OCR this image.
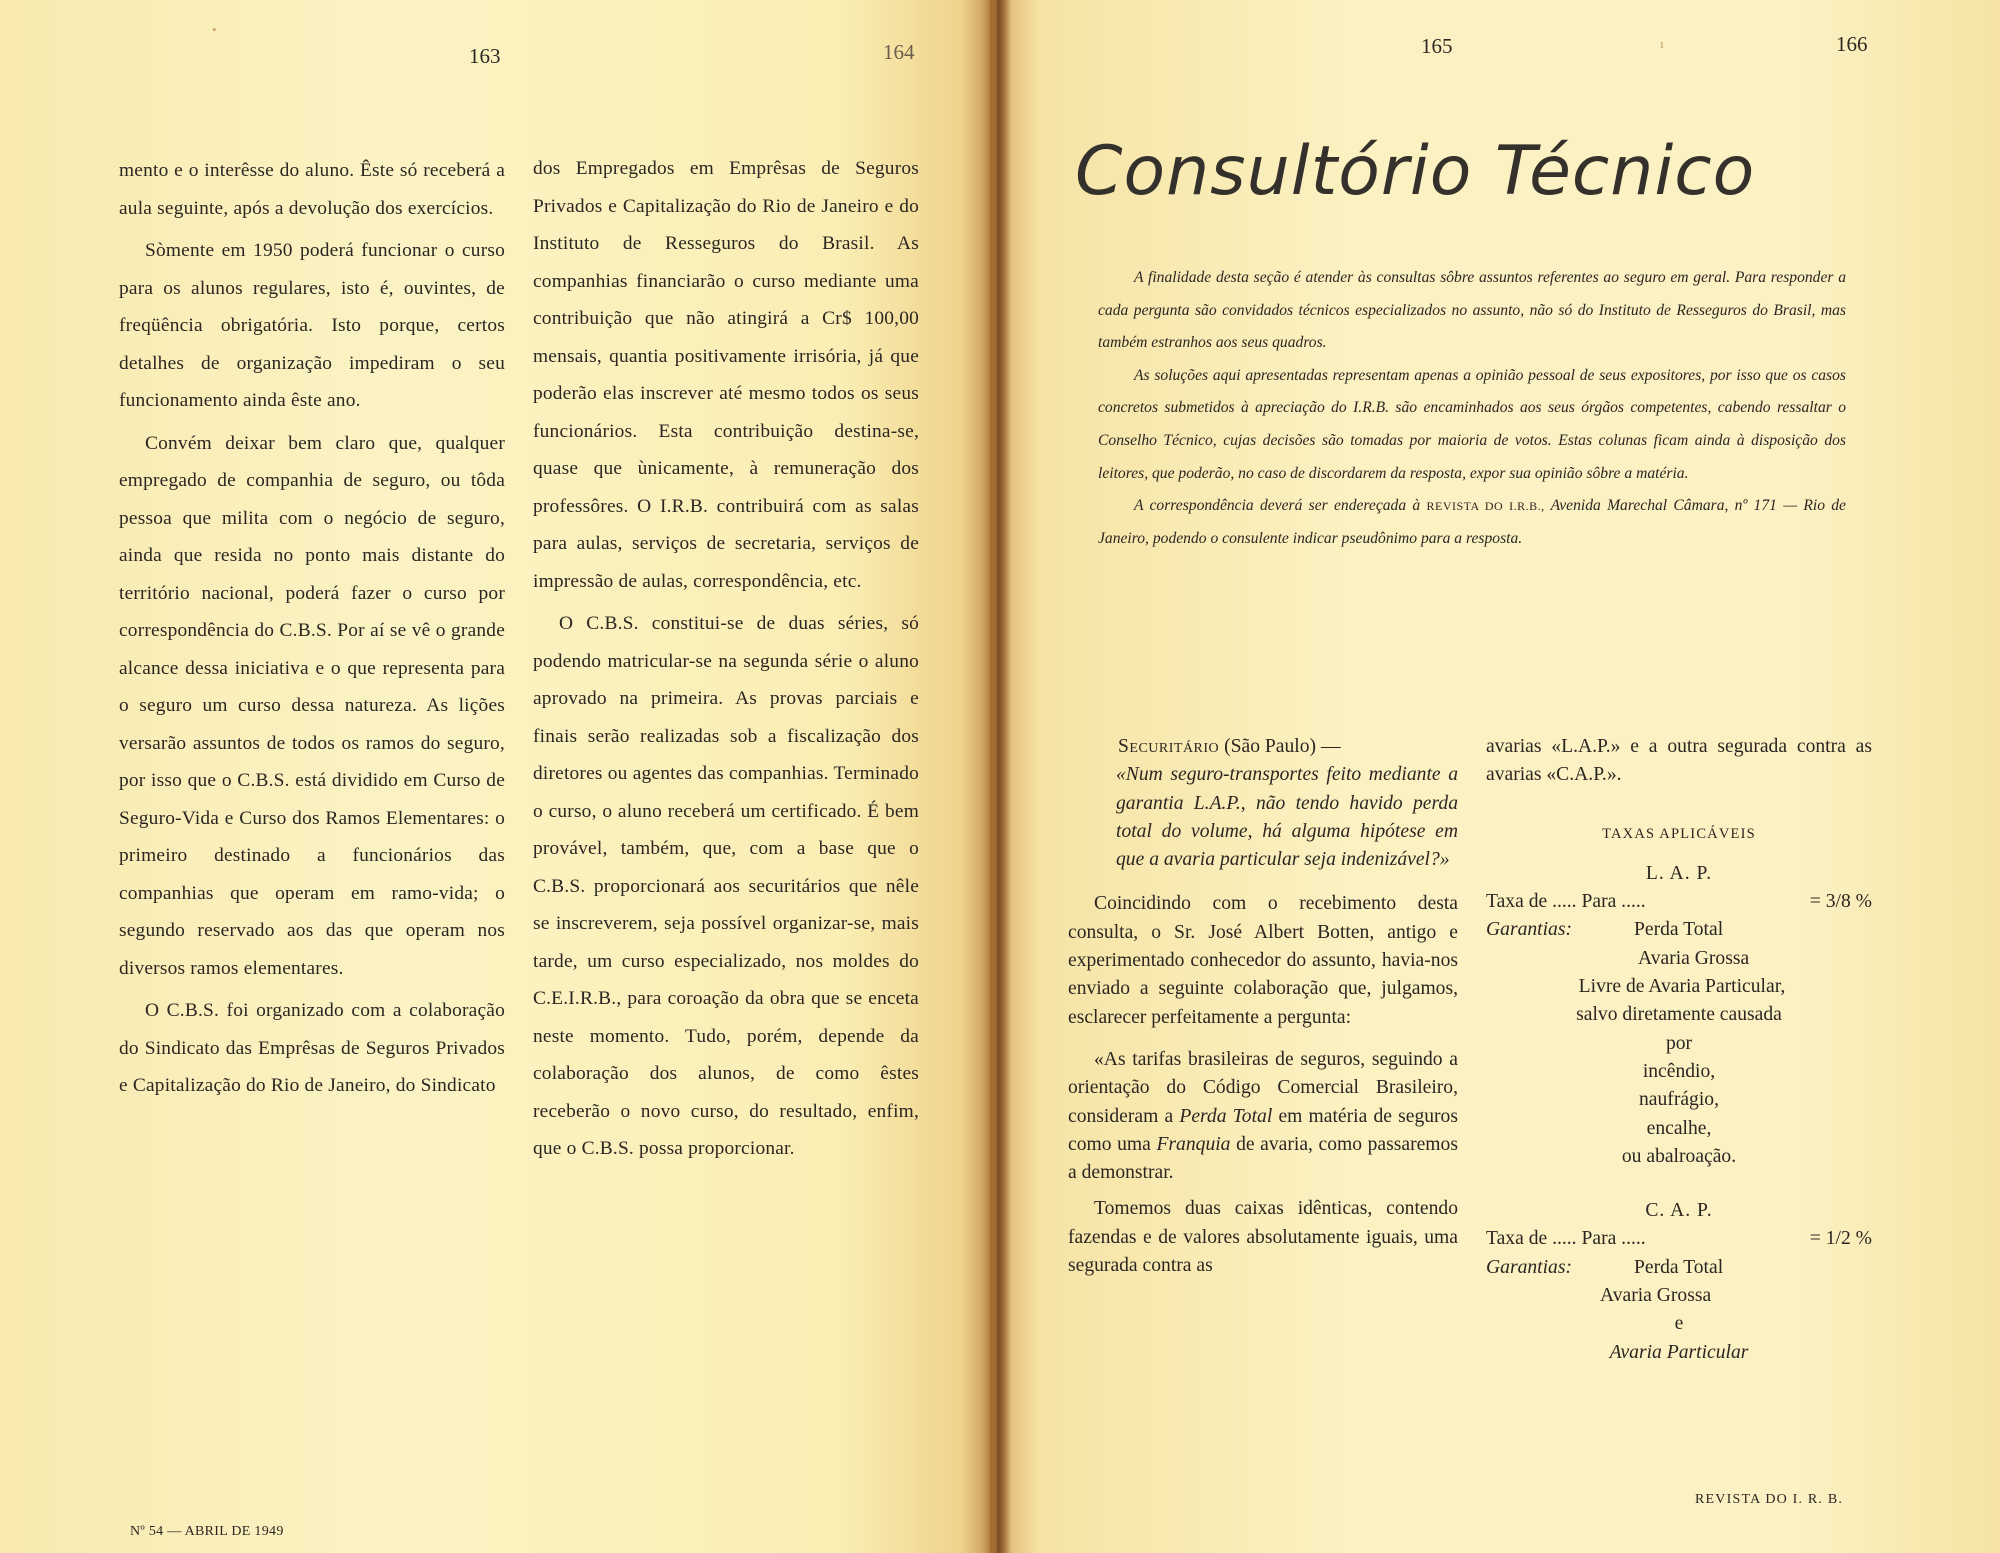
163	164	165	166
•
ı

mento e o interêsse do aluno. Êste só receberá a aula seguinte, após a devolução dos exercícios.

Sòmente em 1950 poderá funcionar o curso para os alunos regulares, isto é, ouvintes, de freqüência obrigatória. Isto porque, certos detalhes de organização impediram o seu funcionamento ainda êste ano.

Convém deixar bem claro que, qualquer empregado de companhia de seguro, ou tôda pessoa que milita com o negócio de seguro, ainda que resida no ponto mais distante do território nacional, poderá fazer o curso por correspondência do C.B.S. Por aí se vê o grande alcance dessa iniciativa e o que representa para o seguro um curso dessa natureza. As lições versarão assuntos de todos os ramos do seguro, por isso que o C.B.S. está dividido em Curso de Seguro-Vida e Curso dos Ramos Elementares: o primeiro destinado a funcionários das companhias que operam em ramo-vida; o segundo reservado aos das que operam nos diversos ramos elementares.

O C.B.S. foi organizado com a colaboração do Sindicato das Emprêsas de Seguros Privados e Capitalização do Rio de Janeiro, do Sindicato

dos Empregados em Emprêsas de Seguros Privados e Capitalização do Rio de Janeiro e do Instituto de Resseguros do Brasil. As companhias financiarão o curso mediante uma contribuição que não atingirá a Cr$ 100,00 mensais, quantia positivamente irrisória, já que poderão elas inscrever até mesmo todos os seus funcionários. Esta contribuição destina-se, quase que ùnicamente, à remuneração dos professôres. O I.R.B. contribuirá com as salas para aulas, serviços de secretaria, serviços de impressão de aulas, correspondência, etc.

O C.B.S. constitui-se de duas séries, só podendo matricular-se na segunda série o aluno aprovado na primeira. As provas parciais e finais serão realizadas sob a fiscalização dos diretores ou agentes das companhias. Terminado o curso, o aluno receberá um certificado. É bem provável, também, que, com a base que o C.B.S. proporcionará aos securitários que nêle se inscreverem, seja possível organizar-se, mais tarde, um curso especializado, nos moldes do C.E.I.R.B., para coroação da obra que se enceta neste momento. Tudo, porém, depende da colaboração dos alunos, de como êstes receberão o novo curso, do resultado, enfim, que o C.B.S. possa proporcionar.

Nº 54 — ABRIL DE 1949
Consultório Técnico

A finalidade desta seção é atender às consultas sôbre assuntos referentes ao seguro em geral. Para responder a cada pergunta são convidados técnicos especializados no assunto, não só do Instituto de Resseguros do Brasil, mas também estranhos aos seus quadros.

As soluções aqui apresentadas representam apenas a opinião pessoal de seus expositores, por isso que os casos concretos submetidos à apreciação do I.R.B. são encaminhados aos seus órgãos competentes, cabendo ressaltar o Conselho Técnico, cujas decisões são tomadas por maioria de votos. Estas colunas ficam ainda à disposição dos leitores, que poderão, no caso de discordarem da resposta, expor sua opinião sôbre a matéria.

A correspondência deverá ser endereçada à REVISTA DO I.R.B., Avenida Marechal Câmara, nº 171 — Rio de Janeiro, podendo o consulente indicar pseudônimo para a resposta.

Securitário (São Paulo) —

«Num seguro-transportes feito mediante a garantia L.A.P., não tendo havido perda total do volume, há alguma hipótese em que a avaria particular seja indenizável?»

Coincidindo com o recebimento desta consulta, o Sr. José Albert Botten, antigo e experimentado conhecedor do assunto, havia-nos enviado a seguinte colaboração que, julgamos, esclarecer perfeitamente a pergunta:

«As tarifas brasileiras de seguros, seguindo a orientação do Código Comercial Brasileiro, consideram a Perda Total em matéria de seguros como uma Franquia de avaria, como passaremos a demonstrar.

Tomemos duas caixas idênticas, contendo fazendas e de valores absolutamente iguais, uma segurada contra as

avarias «L.A.P.» e a outra segurada contra as avarias «C.A.P.».

TAXAS APLICÁVEIS

L. A. P.

Taxa de ..... Para .....	= 3/8 %
Garantias:	Perda Total

Avaria Grossa

Livre de Avaria Particular,

salvo diretamente causada

por

incêndio,

naufrágio,

encalhe,

ou abalroação.

C. A. P.

Taxa de ..... Para .....	= 1/2 %
Garantias:	Perda Total

Avaria Grossa

e

Avaria Particular

REVISTA DO I. R. B.
